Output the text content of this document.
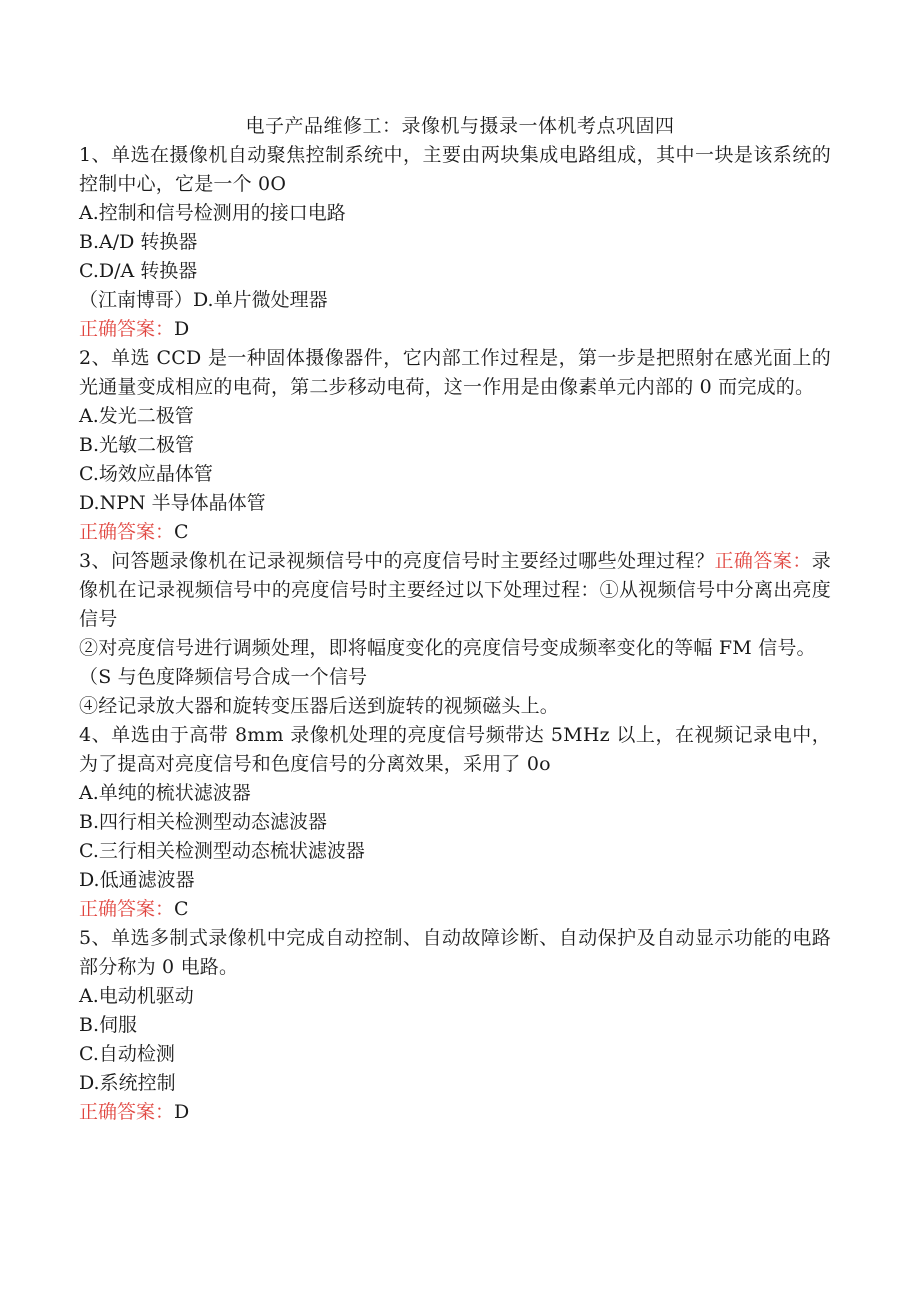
电子产品维修工：录像机与摄录一体机考点巩固四
1、单选在摄像机自动聚焦控制系统中，主要由两块集成电路组成，其中一块是该系统的控制中心，它是一个 0O
A.控制和信号检测用的接口电路
B.A/D 转换器
C.D/A 转换器
（江南博哥）D.单片微处理器
正确答案：D
2、单选 CCD 是一种固体摄像器件，它内部工作过程是，第一步是把照射在感光面上的光通量变成相应的电荷，第二步移动电荷，这一作用是由像素单元内部的 0 而完成的。
A.发光二极管
B.光敏二极管
C.场效应晶体管
D.NPN 半导体晶体管
正确答案：C
3、问答题录像机在记录视频信号中的亮度信号时主要经过哪些处理过程？正确答案：录像机在记录视频信号中的亮度信号时主要经过以下处理过程：①从视频信号中分离出亮度信号
②对亮度信号进行调频处理，即将幅度变化的亮度信号变成频率变化的等幅 FM 信号。
（S 与色度降频信号合成一个信号
④经记录放大器和旋转变压器后送到旋转的视频磁头上。
4、单选由于高带 8mm 录像机处理的亮度信号频带达 5MHz 以上，在视频记录电中，为了提高对亮度信号和色度信号的分离效果，采用了 0o
A.单纯的梳状滤波器
B.四行相关检测型动态滤波器
C.三行相关检测型动态梳状滤波器
D.低通滤波器
正确答案：C
5、单选多制式录像机中完成自动控制、自动故障诊断、自动保护及自动显示功能的电路部分称为 0 电路。
A.电动机驱动
B.伺服
C.自动检测
D.系统控制
正确答案：D
